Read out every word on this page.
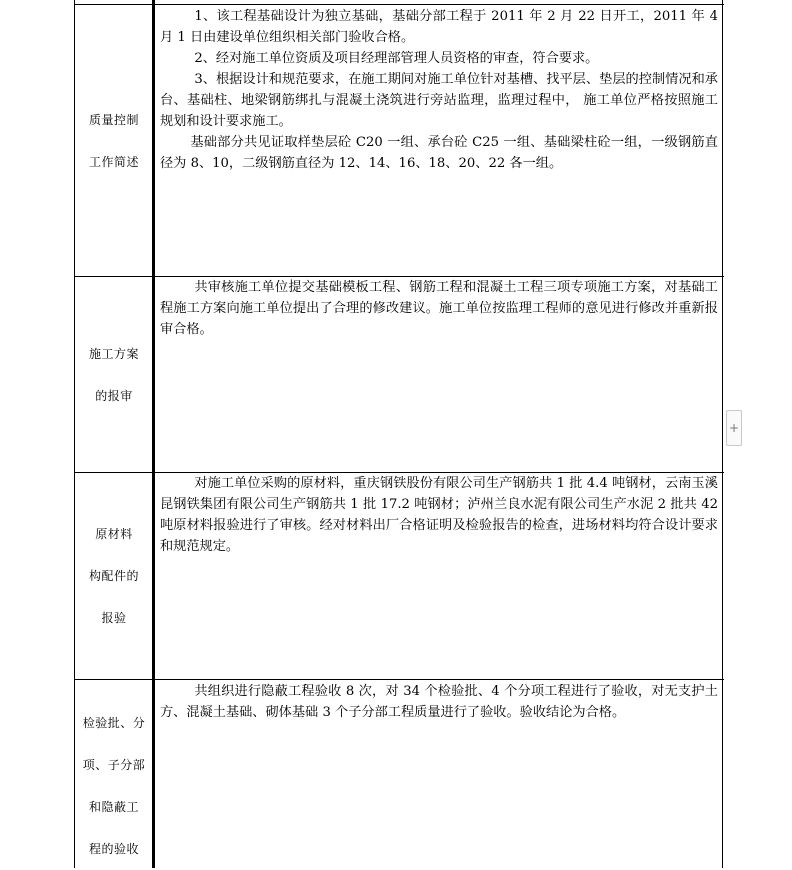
质量控制
工作简述

1、该工程基础设计为独立基础，基础分部工程于 2011 年 2 月 22 日开工，2011 年 4 月 1 日由建设单位组织相关部门验收合格。

2、经对施工单位资质及项目经理部管理人员资格的审查，符合要求。

3、根据设计和规范要求，在施工期间对施工单位针对基槽、找平层、垫层的控制情况和承台、基础柱、地梁钢筋绑扎与混凝土浇筑进行旁站监理，监理过程中， 施工单位严格按照施工规划和设计要求施工。

基础部分共见证取样垫层砼 C20 一组、承台砼 C25 一组、基础梁柱砼一组，一级钢筋直径为 8、10，二级钢筋直径为 12、14、16、18、20、22 各一组。

施工方案
的报审

共审核施工单位提交基础模板工程、钢筋工程和混凝土工程三项专项施工方案，对基础工程施工方案向施工单位提出了合理的修改建议。施工单位按监理工程师的意见进行修改并重新报审合格。

原材料
构配件的
报验

对施工单位采购的原材料，重庆钢铁股份有限公司生产钢筋共 1 批 4.4 吨钢材，云南玉溪昆钢铁集团有限公司生产钢筋共 1 批 17.2 吨钢材；泸州兰良水泥有限公司生产水泥 2 批共 42 吨原材料报验进行了审核。经对材料出厂合格证明及检验报告的检查，进场材料均符合设计要求和规范规定。

检验批、分
项、子分部
和隐蔽工
程的验收

共组织进行隐蔽工程验收 8 次，对 34 个检验批、4 个分项工程进行了验收，对无支护土方、混凝土基础、砌体基础 3 个子分部工程质量进行了验收。验收结论为合格。

+
